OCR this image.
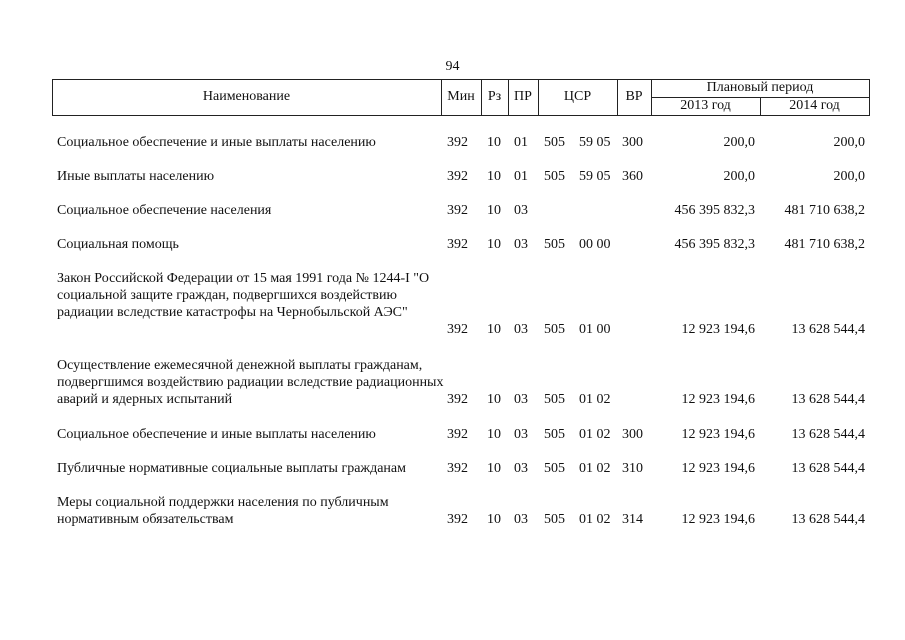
94
Наименование	Мин Рз ПР	ЦСР	ВР
Плановый период
2013 год	2014 год
Социальное обеспечение и иные выплаты населению	392 10 01 505 59 05 300	200,0	200,0
Иные выплаты населению	392 10 01 505 59 05 360	200,0	200,0
Социальное обеспечение населения	392 10 03	456 395 832,3 481 710 638,2
Социальная помощь	392 10 03 505 00 00	456 395 832,3 481 710 638,2
Закон Российской Федерации от 15 мая 1991 года № 1244-I "О социальной защите граждан, подвергшихся воздействию радиации вследствие катастрофы на Чернобыльской АЭС"
392 10 03 505 01 00	12 923 194,6	13 628 544,4
Осуществление ежемесячной денежной выплаты гражданам, подвергшимся воздействию радиации вследствие радиационных аварий и ядерных испытаний	392 10 03 505 01 02	12 923 194,6	13 628 544,4
Социальное обеспечение и иные выплаты населению	392 10 03 505 01 02 300	12 923 194,6	13 628 544,4
Публичные нормативные социальные выплаты гражданам	392 10 03 505 01 02 310	12 923 194,6	13 628 544,4
Меры социальной поддержки населения по публичным нормативным обязательствам	392 10 03 505 01 02 314	12 923 194,6	13 628 544,4
